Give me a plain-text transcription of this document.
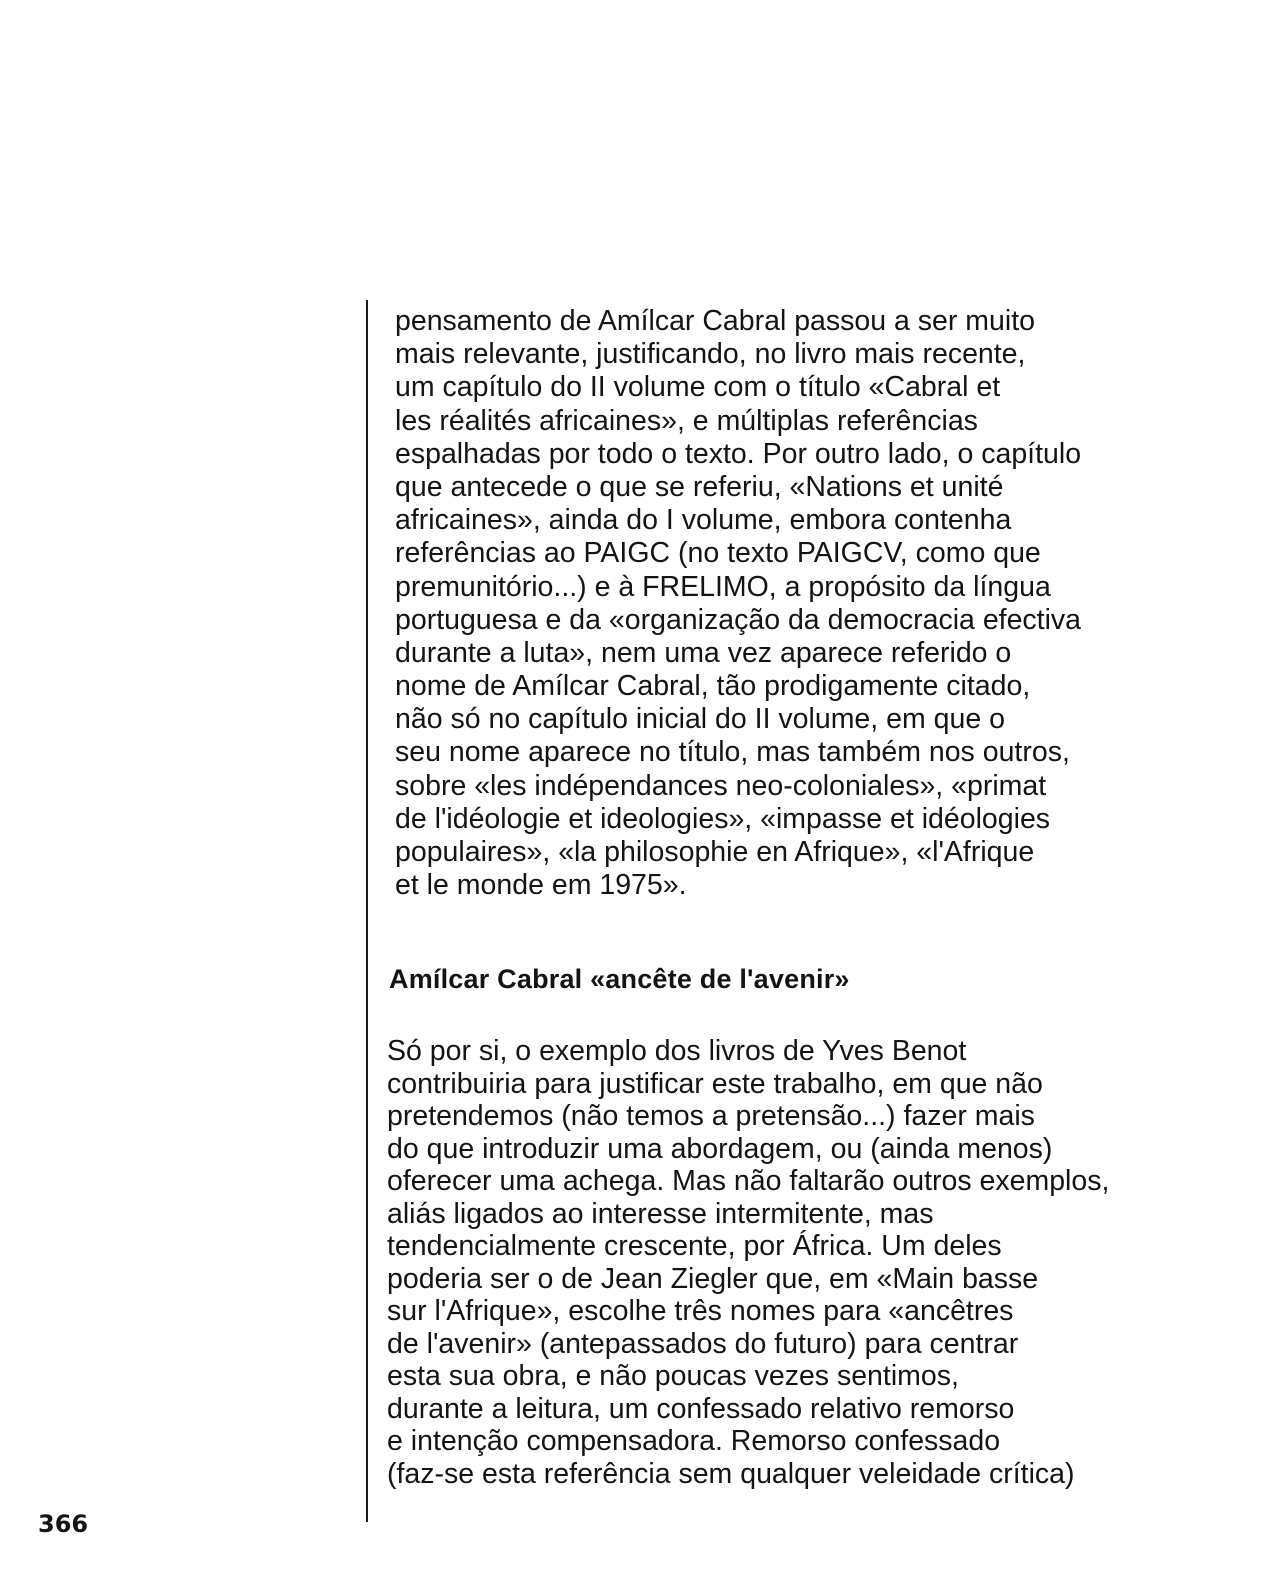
pensamento de Amílcar Cabral passou a ser muito
mais relevante, justificando, no livro mais recente,
um capítulo do II volume com o título «Cabral et
les réalités africaines», e múltiplas referências
espalhadas por todo o texto. Por outro lado, o capítulo
que antecede o que se referiu, «Nations et unité
africaines», ainda do I volume, embora contenha
referências ao PAIGC (no texto PAIGCV, como que
premunitório...) e à FRELIMO, a propósito da língua
portuguesa e da «organização da democracia efectiva
durante a luta», nem uma vez aparece referido o
nome de Amílcar Cabral, tão prodigamente citado,
não só no capítulo inicial do II volume, em que o
seu nome aparece no título, mas também nos outros,
sobre «les indépendances neo-coloniales», «primat
de l'idéologie et ideologies», «impasse et idéologies
populaires», «la philosophie en Afrique», «l'Afrique
et le monde em 1975».
Amílcar Cabral «ancête de l'avenir»
Só por si, o exemplo dos livros de Yves Benot
contribuiria para justificar este trabalho, em que não
pretendemos (não temos a pretensão...) fazer mais
do que introduzir uma abordagem, ou (ainda menos)
oferecer uma achega. Mas não faltarão outros exemplos,
aliás ligados ao interesse intermitente, mas
tendencialmente crescente, por África. Um deles
poderia ser o de Jean Ziegler que, em «Main basse
sur l'Afrique», escolhe três nomes para «ancêtres
de l'avenir» (antepassados do futuro) para centrar
esta sua obra, e não poucas vezes sentimos,
durante a leitura, um confessado relativo remorso
e intenção compensadora. Remorso confessado
(faz-se esta referência sem qualquer veleidade crítica)
366
